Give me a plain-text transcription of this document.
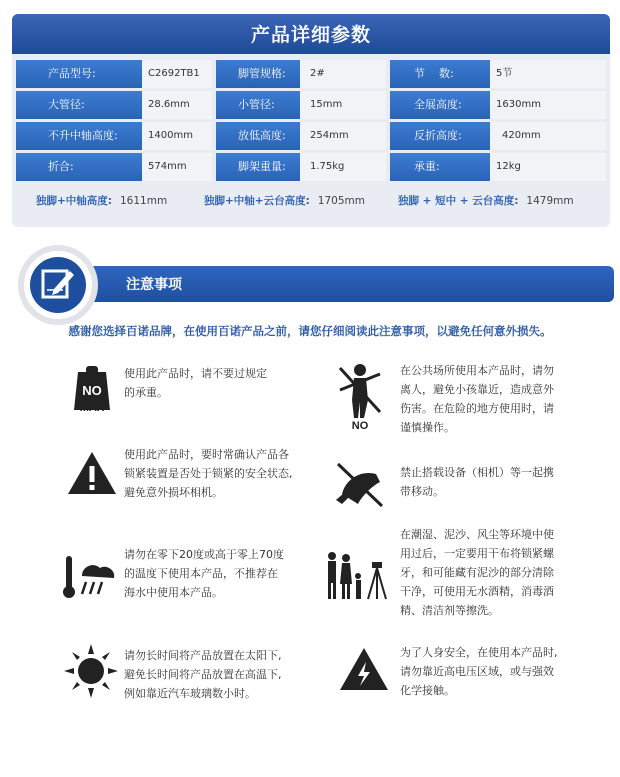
产品详细参数
产品型号:	C2692TB1	脚管规格:	2#	节    数:	5节
大管径:	28.6mm	小管径:	15mm	全展高度:	1630mm
不升中轴高度:	1400mm	放低高度:	254mm	反折高度:	420mm
折合:	574mm	脚架重量:	1.75kg	承重:	12kg
独脚+中轴高度: 1611mm	独脚+中轴+云台高度: 1705mm	独脚 + 短中 + 云台高度: 1479mm
注意事项
感谢您选择百诺品牌，在使用百诺产品之前，请您仔细阅读此注意事项，以避免任何意外损失。
NO
MAX
使用此产品时，请不要过规定
的承重。
NO
在公共场所使用本产品时，请勿
离人，避免小孩靠近，造成意外
伤害。在危险的地方使用时，请
谨慎操作。
使用此产品时，要时常确认产品各
锁紧装置是否处于锁紧的安全状态,
避免意外损坏相机。
禁止搭载设备（相机）等一起携
带移动。
请勿在零下20度或高于零上70度
的温度下使用本产品，不推荐在
海水中使用本产品。
在潮湿、泥沙、风尘等环境中使
用过后，一定要用干布将锁紧螺
牙，和可能藏有泥沙的部分清除
干净，可使用无水酒精，消毒酒
精、清洁剂等擦洗。
请勿长时间将产品放置在太阳下,
避免长时间将产品放置在高温下,
例如靠近汽车玻璃数小时。
为了人身安全，在使用本产品时,
请勿靠近高电压区域，或与强效
化学接触。
